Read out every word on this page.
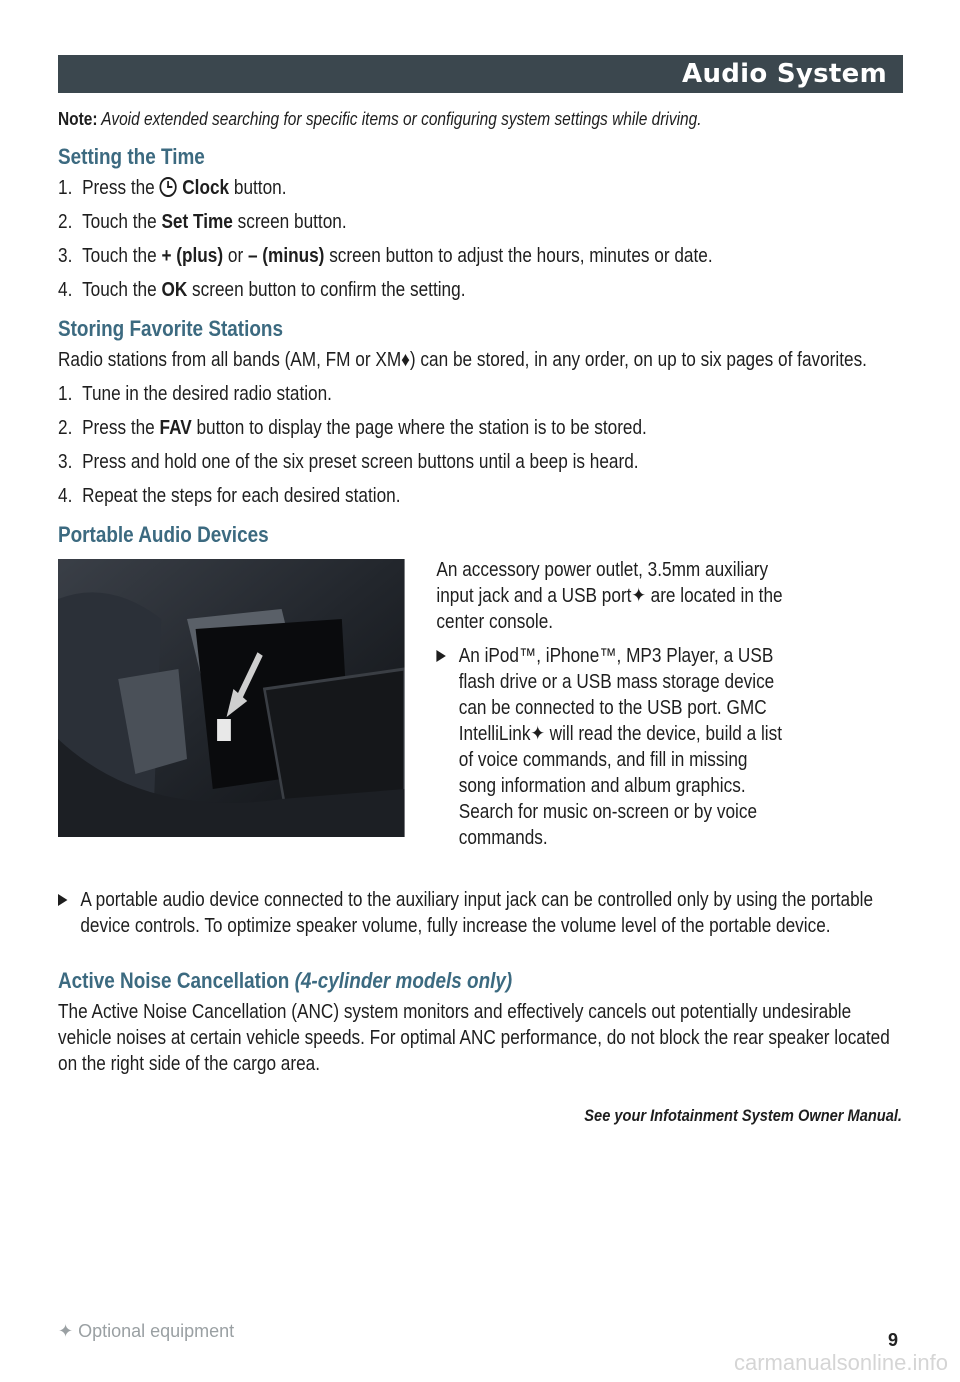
Audio System
Note: Avoid extended searching for specific items or configuring system settings while driving.
Setting the Time
1. Press the Clock button.
2. Touch the Set Time screen button.
3. Touch the + (plus) or – (minus) screen button to adjust the hours, minutes or date.
4. Touch the OK screen button to confirm the setting.
Storing Favorite Stations

Radio stations from all bands (AM, FM or XM♦) can be stored, in any order, on up to six pages of favorites.

1. Tune in the desired radio station.
2. Press the FAV button to display the page where the station is to be stored.
3. Press and hold one of the six preset screen buttons until a beep is heard.
4. Repeat the steps for each desired station.
Portable Audio Devices

An accessory power outlet, 3.5mm auxiliary input jack and a USB port✦ are located in the center console.

An iPod™, iPhone™, MP3 Player, a USB flash drive or a USB mass storage device can be connected to the USB port. GMC IntelliLink✦ will read the device, build a list of voice commands, and fill in missing song information and album graphics. Search for music on-screen or by voice commands.
A portable audio device connected to the auxiliary input jack can be controlled only by using the portable device controls. To optimize speaker volume, fully increase the volume level of the portable device.
Active Noise Cancellation (4-cylinder models only)

The Active Noise Cancellation (ANC) system monitors and effectively cancels out potentially undesirable vehicle noises at certain vehicle speeds. For optimal ANC performance, do not block the rear speaker located on the right side of the cargo area.

See your Infotainment System Owner Manual.
✦ Optional equipment	9
carmanualsonline.info
